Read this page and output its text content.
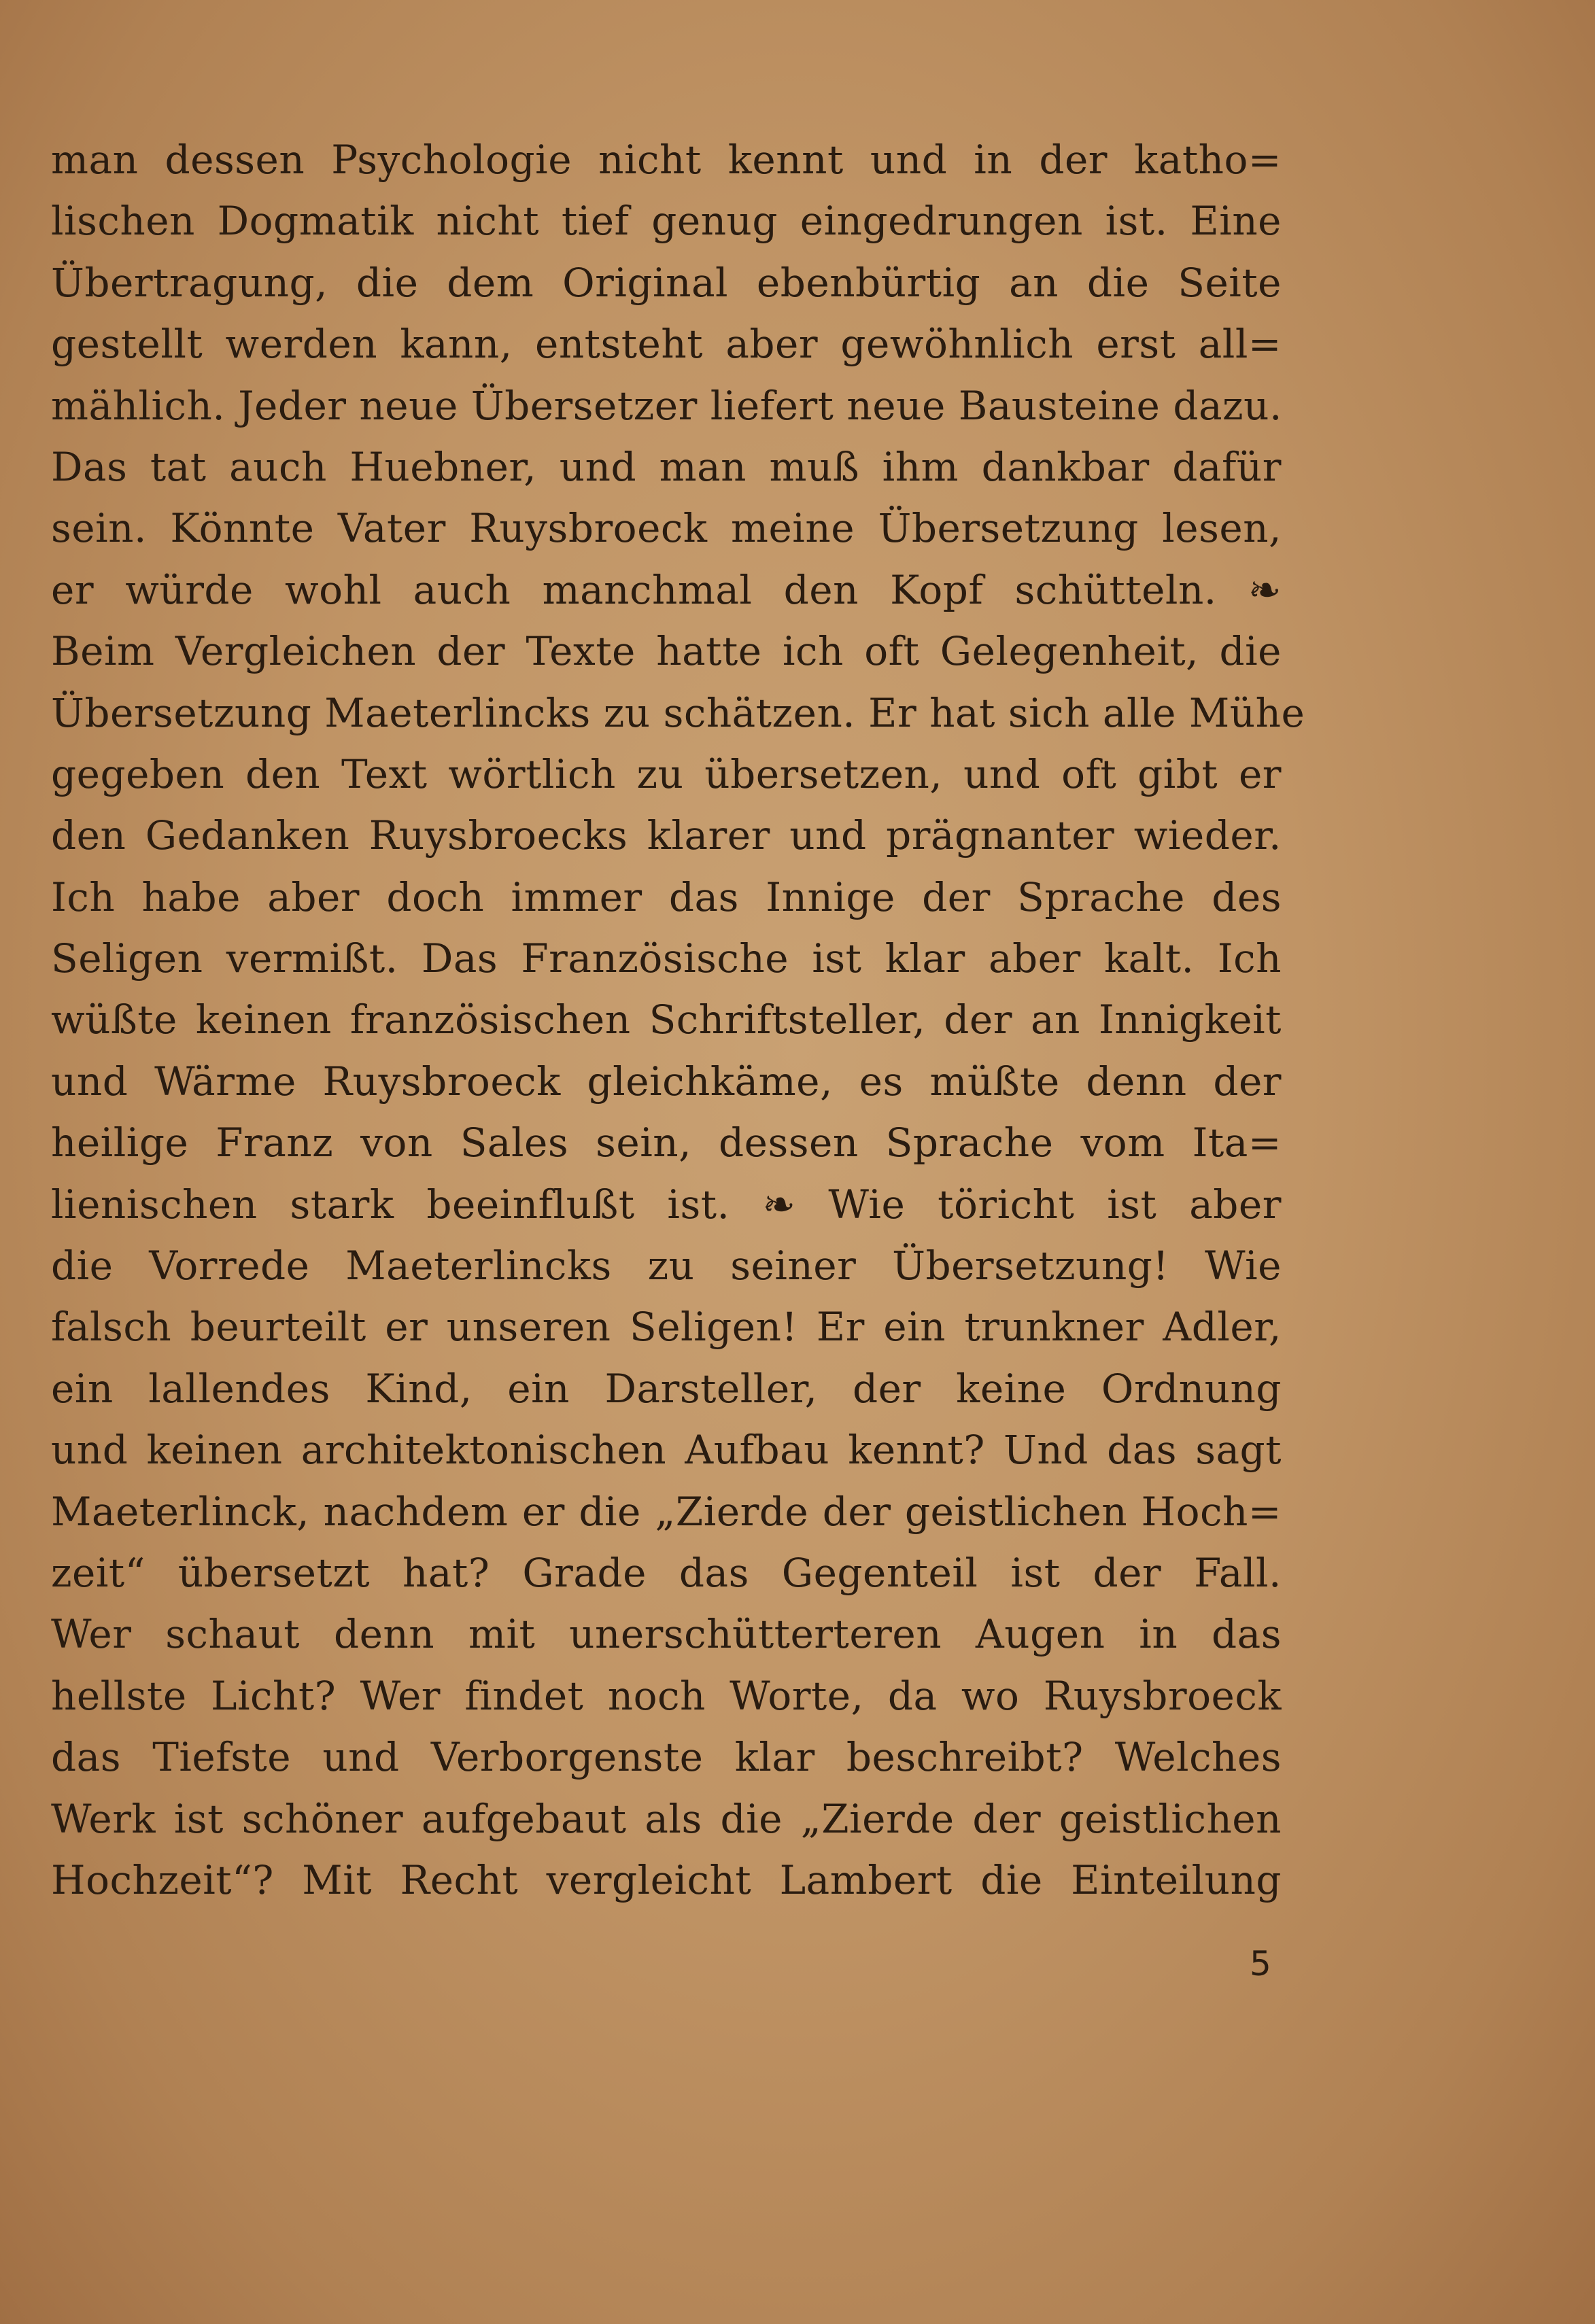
man dessen Psychologie nicht kennt und in der katho=
lischen Dogmatik nicht tief genug eingedrungen ist. Eine
Übertragung, die dem Original ebenbürtig an die Seite
gestellt werden kann, entsteht aber gewöhnlich erst all=
mählich. Jeder neue Übersetzer liefert neue Bausteine dazu.
Das tat auch Huebner, und man muß ihm dankbar dafür
sein. Könnte Vater Ruysbroeck meine Übersetzung lesen,
er würde wohl auch manchmal den Kopf schütteln. ❧
Beim Vergleichen der Texte hatte ich oft Gelegenheit, die
Übersetzung Maeterlincks zu schätzen. Er hat sich alle Mühe
gegeben den Text wörtlich zu übersetzen, und oft gibt er
den Gedanken Ruysbroecks klarer und prägnanter wieder.
Ich habe aber doch immer das Innige der Sprache des
Seligen vermißt. Das Französische ist klar aber kalt. Ich
wüßte keinen französischen Schriftsteller, der an Innigkeit
und Wärme Ruysbroeck gleichkäme, es müßte denn der
heilige Franz von Sales sein, dessen Sprache vom Ita=
lienischen stark beeinflußt ist. ❧ Wie töricht ist aber
die Vorrede Maeterlincks zu seiner Übersetzung! Wie
falsch beurteilt er unseren Seligen! Er ein trunkner Adler,
ein lallendes Kind, ein Darsteller, der keine Ordnung
und keinen architektonischen Aufbau kennt? Und das sagt
Maeterlinck, nachdem er die „Zierde der geistlichen Hoch=
zeit“ übersetzt hat? Grade das Gegenteil ist der Fall.
Wer schaut denn mit unerschütterteren Augen in das
hellste Licht? Wer findet noch Worte, da wo Ruysbroeck
das Tiefste und Verborgenste klar beschreibt? Welches
Werk ist schöner aufgebaut als die „Zierde der geistlichen
Hochzeit“? Mit Recht vergleicht Lambert die Einteilung
5
